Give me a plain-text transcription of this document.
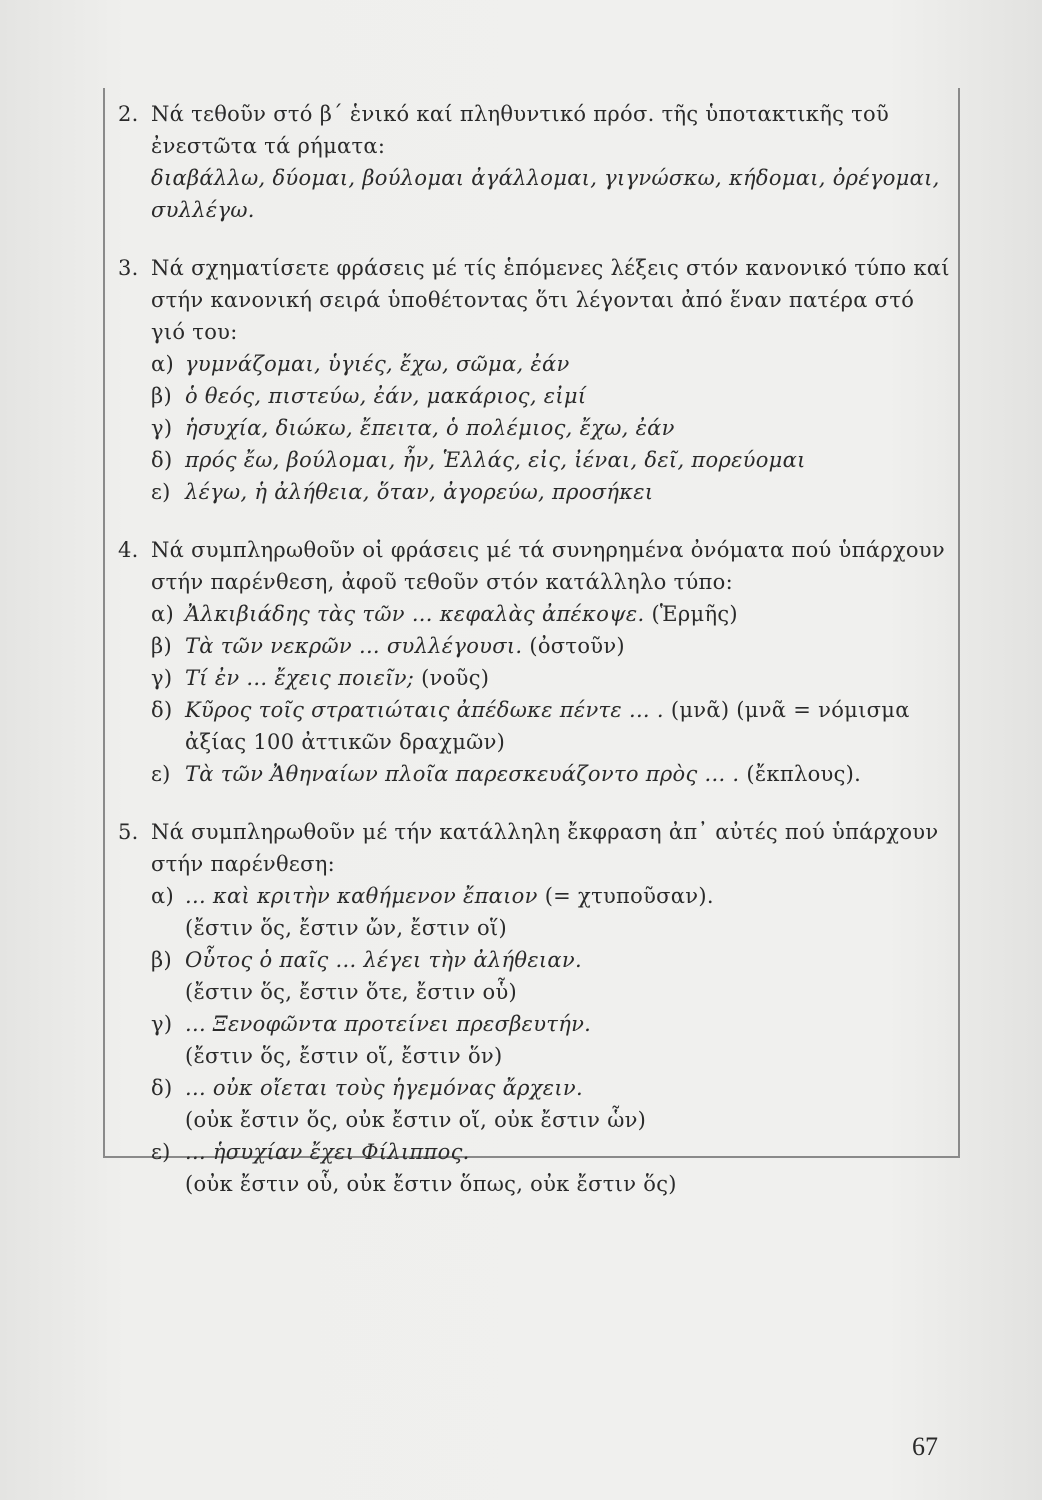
2. Νά τεθοῦν στό β΄ ἑνικό καί πληθυντικό πρόσ. τῆς ὑποτακτικῆς τοῦ ἐνεστῶτα τά ρήματα:
διαβάλλω, δύομαι, βούλομαι ἀγάλλομαι, γιγνώσκω, κήδομαι, ὀρέγομαι, συλλέγω.
3. Νά σχηματίσετε φράσεις μέ τίς ἑπόμενες λέξεις στόν κανονικό τύπο καί στήν κανονική σειρά ὑποθέτοντας ὅτι λέγονται ἀπό ἕναν πατέρα στό γιό του:
α) γυμνάζομαι, ὑγιές, ἔχω, σῶμα, ἐάν
β) ὁ θεός, πιστεύω, ἐάν, μακάριος, εἰμί
γ) ἡσυχία, διώκω, ἔπειτα, ὁ πολέμιος, ἔχω, ἐάν
δ) πρός ἔω, βούλομαι, ἦν, Ἑλλάς, εἰς, ἰέναι, δεῖ, πορεύομαι
ε) λέγω, ἡ ἀλήθεια, ὅταν, ἀγορεύω, προσήκει
4. Νά συμπληρωθοῦν οἱ φράσεις μέ τά συνηρημένα ὀνόματα πού ὑπάρχουν στήν παρένθεση, ἀφοῦ τεθοῦν στόν κατάλληλο τύπο:
α) Ἀλκιβιάδης τὰς τῶν ... κεφαλὰς ἀπέκοψε. (Ἑρμῆς)
β) Τὰ τῶν νεκρῶν ... συλλέγουσι. (ὀστοῦν)
γ) Τί ἐν ... ἔχεις ποιεῖν; (νοῦς)
δ) Κῦρος τοῖς στρατιώταις ἀπέδωκε πέντε ... . (μνᾶ) (μνᾶ = νόμισμα ἀξίας 100 ἀττικῶν δραχμῶν)
ε) Τὰ τῶν Ἀθηναίων πλοῖα παρεσκευάζοντο πρὸς ... . (ἔκπλους).
5. Νά συμπληρωθοῦν μέ τήν κατάλληλη ἔκφραση ἀπ᾿ αὐτές πού ὑπάρχουν στήν παρένθεση:
α) ... καὶ κριτὴν καθήμενον ἔπαιον (= χτυποῦσαν).
(ἔστιν ὅς, ἔστιν ὤν, ἔστιν οἵ)
β) Οὗτος ὁ παῖς ... λέγει τὴν ἀλήθειαν.
(ἔστιν ὅς, ἔστιν ὅτε, ἔστιν οὗ)
γ) ... Ξενοφῶντα προτείνει πρεσβευτήν.
(ἔστιν ὅς, ἔστιν οἵ, ἔστιν ὅν)
δ) ... οὐκ οἴεται τοὺς ἡγεμόνας ἄρχειν.
(οὐκ ἔστιν ὅς, οὐκ ἔστιν οἵ, οὐκ ἔστιν ὧν)
ε) ... ἡσυχίαν ἔχει Φίλιππος.
(οὐκ ἔστιν οὗ, οὐκ ἔστιν ὅπως, οὐκ ἔστιν ὅς)
67
